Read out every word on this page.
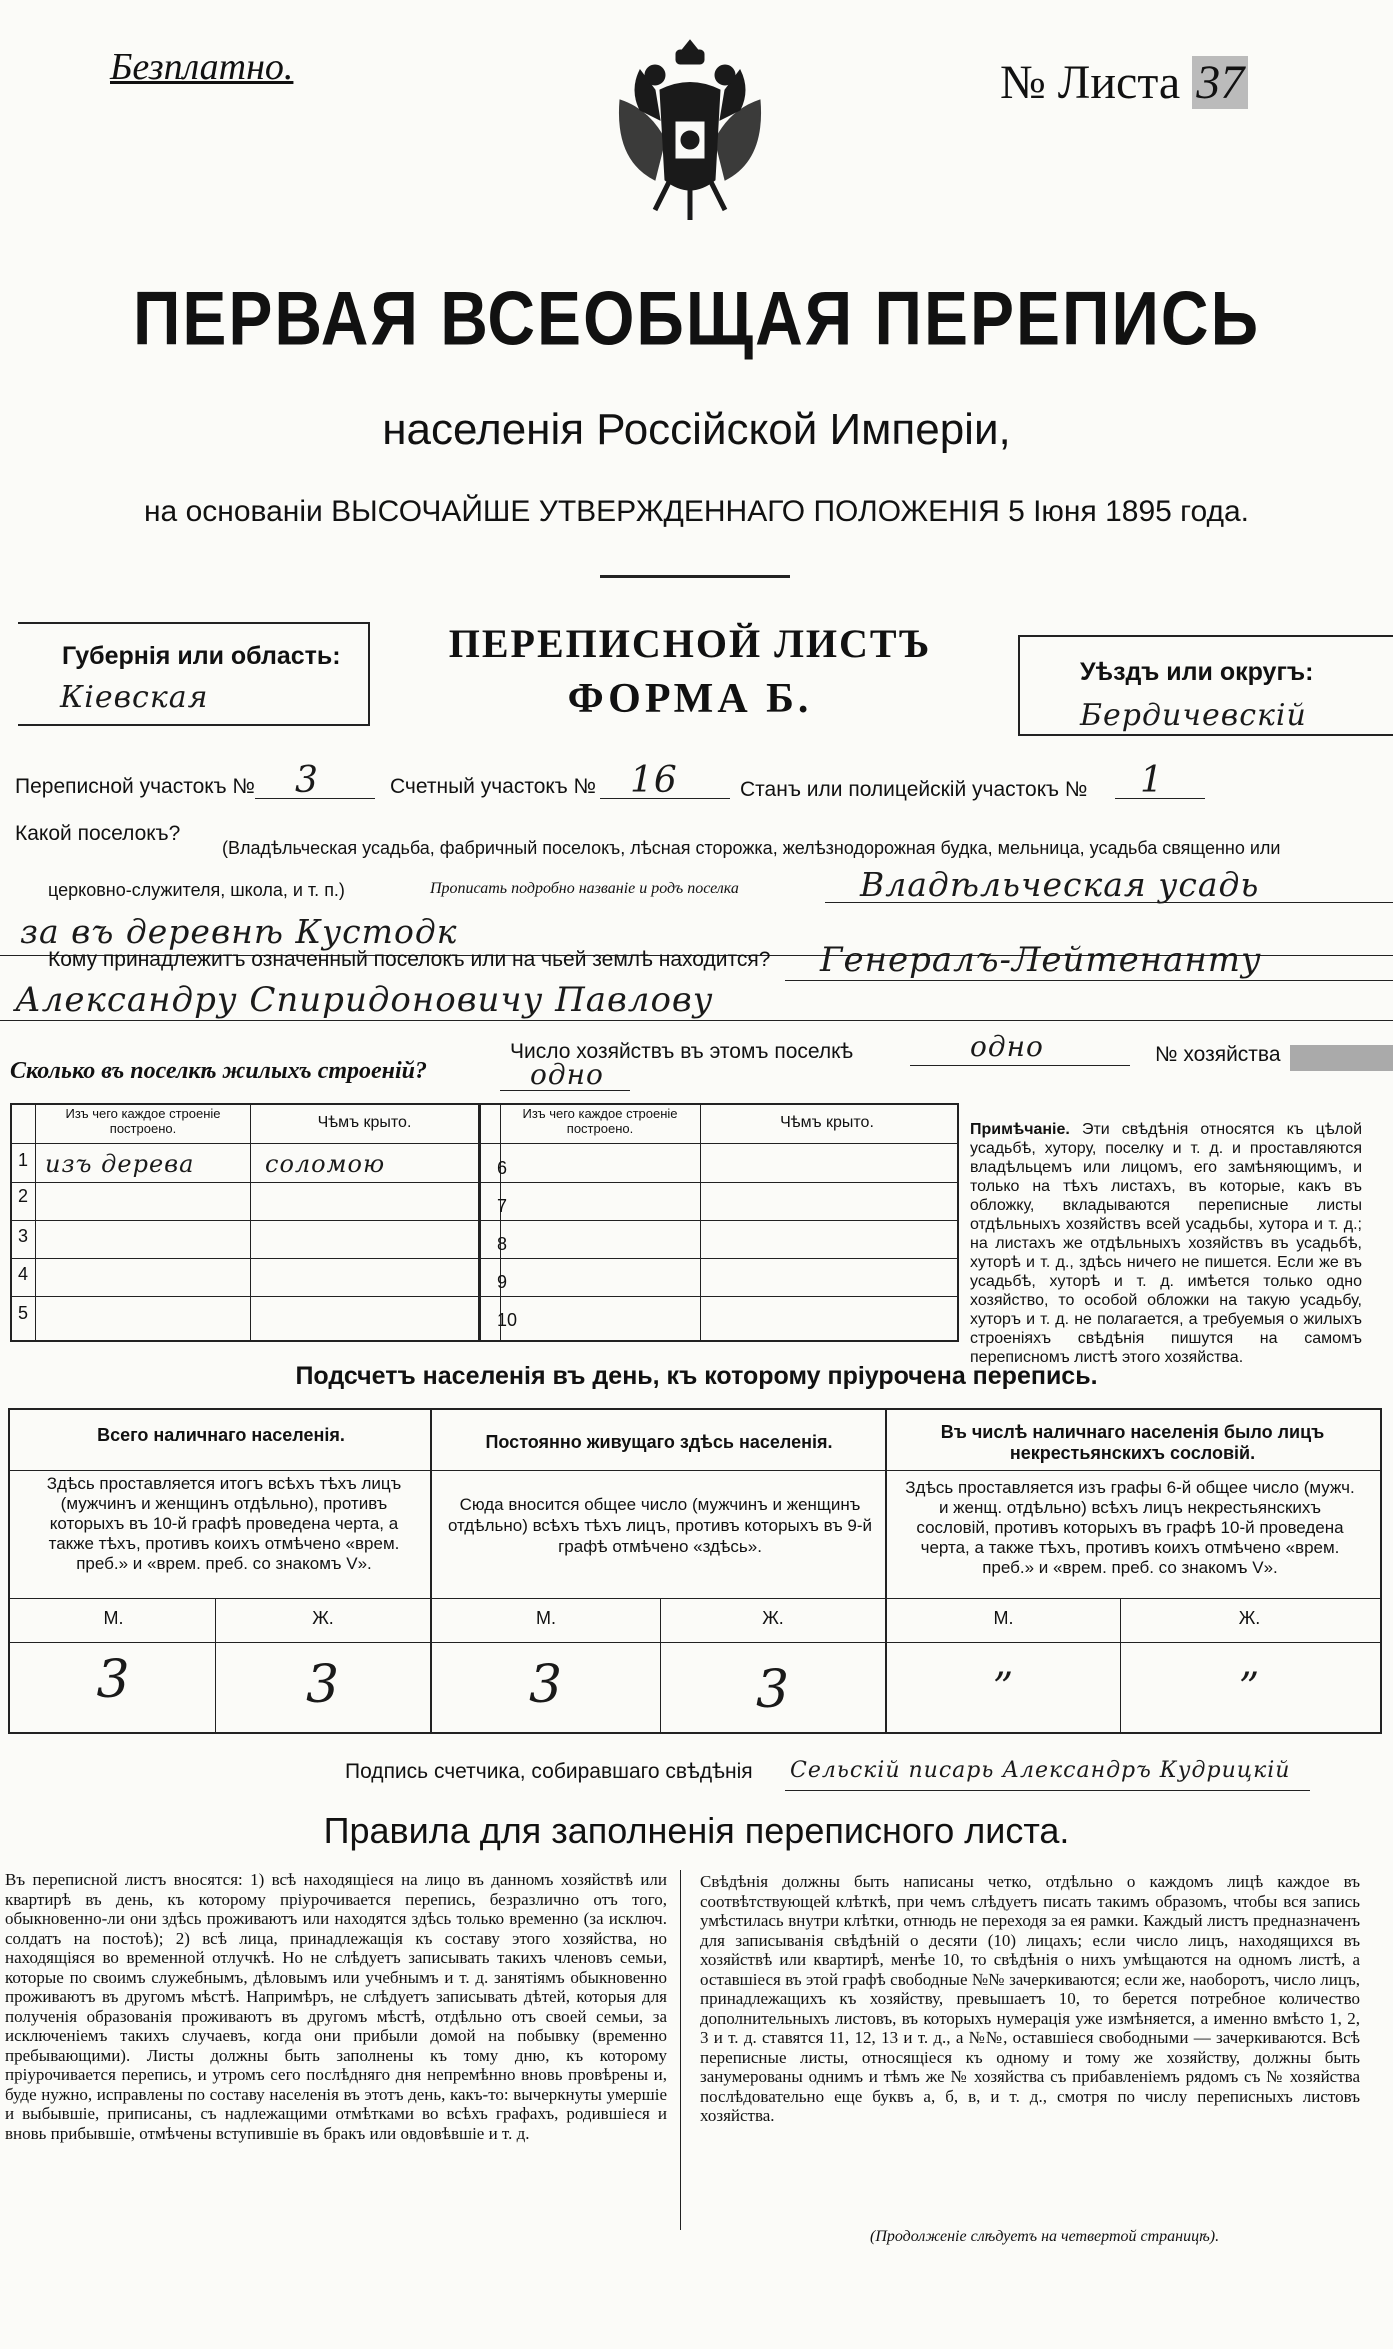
Безплатно.	№ Листа 37
ПЕРВАЯ ВСЕОБЩАЯ ПЕРЕПИСЬ
населенія Россійской Имперіи,
на основаніи ВЫСОЧАЙШЕ УТВЕРЖДЕННАГО ПОЛОЖЕНІЯ 5 Іюня 1895 года.
Губернія или область:
Кіевская
ПЕРЕПИСНОЙ ЛИСТЪ
ФОРМА Б.
Уѣздъ или округъ:
Бердичевскій
Переписной участокъ № 3	Счетный участокъ № 16	Станъ или полицейскій участокъ № 1
Какой поселокъ?
(Владѣльческая усадьба, фабричный поселокъ, лѣсная сторожка, желѣзнодорожная будка, мельница, усадьба священно или
церковно-служителя, школа, и т. п.)	Прописать подробно названіе и родъ поселка	Владѣльческая усадь
за въ деревнѣ Кустодк
Кому принадлежитъ означенный поселокъ или на чьей землѣ находится? Генералъ-Лейтенанту
Александру Спиридоновичу Павлову
Число хозяйствъ въ этомъ поселкѣ	одно	№ хозяйства
Сколько въ поселкѣ жилыхъ строеній?	одно
Изъ чего каждое строеніе построено.	Чѣмъ крыто.
Изъ чего каждое строеніе построено.	Чѣмъ крыто.
1 изъ дерева	соломою
2
3
4
5
6
7
8
9
10
Примѣчаніе. Эти свѣдѣнія относятся къ цѣлой усадьбѣ, хутору, поселку и т. д. и проставляются владѣльцемъ или лицомъ, его замѣняющимъ, и только на тѣхъ листахъ, въ которые, какъ въ обложку, вкладываются переписные листы отдѣльныхъ хозяйствъ всей усадьбы, хутора и т. д.; на листахъ же отдѣльныхъ хозяйствъ въ усадьбѣ, хуторѣ и т. д., здѣсь ничего не пишется. Если же въ усадьбѣ, хуторѣ и т. д. имѣется только одно хозяйство, то особой обложки на такую усадьбу, хуторъ и т. д. не полагается, а требуемыя о жилыхъ строеніяхъ свѣдѣнія пишутся на самомъ переписномъ листѣ этого хозяйства.
Подсчетъ населенія въ день, къ которому пріурочена перепись.
Всего наличнаго населенія.	Постоянно живущаго здѣсь населенія.	Въ числѣ наличнаго населенія было лицъ некрестьянскихъ сословій.
Здѣсь проставляется итогъ всѣхъ тѣхъ лицъ (мужчинъ и женщинъ отдѣльно), противъ которыхъ въ 10-й графѣ проведена черта, а также тѣхъ, противъ коихъ отмѣчено «врем. преб.» и «врем. преб. со знакомъ V».
Сюда вносится общее число (мужчинъ и женщинъ отдѣльно) всѣхъ тѣхъ лицъ, противъ которыхъ въ 9-й графѣ отмѣчено «здѣсь».
Здѣсь проставляется изъ графы 6-й общее число (мужч. и женщ. отдѣльно) всѣхъ лицъ некрестьянскихъ сословій, противъ которыхъ въ графѣ 10-й проведена черта, а также тѣхъ, противъ коихъ отмѣчено «врем. преб.» и «врем. преб. со знакомъ V».
М.	Ж.	М.	Ж.	М.	Ж.
3	3	3	3	”	”
Подпись счетчика, собиравшаго свѣдѣнія Сельскій писарь Александръ Кудрицкій
Правила для заполненія переписного листа.
Въ переписной листъ вносятся: 1) всѣ находящіеся на лицо въ данномъ хозяйствѣ или квартирѣ въ день, къ которому пріурочивается перепись, безразлично отъ того, обыкновенно-ли они здѣсь проживаютъ или находятся здѣсь только временно (за исключ. солдатъ на постоѣ); 2) всѣ лица, принадлежащія къ составу этого хозяйства, но находящіяся во временной отлучкѣ. Но не слѣдуетъ записывать такихъ членовъ семьи, которые по своимъ служебнымъ, дѣловымъ или учебнымъ и т. д. занятіямъ обыкновенно проживаютъ въ другомъ мѣстѣ. Напримѣръ, не слѣдуетъ записывать дѣтей, которыя для полученія образованія проживаютъ въ другомъ мѣстѣ, отдѣльно отъ своей семьи, за исключеніемъ такихъ случаевъ, когда они прибыли домой на побывку (временно пребывающими). Листы должны быть заполнены къ тому дню, къ которому пріурочивается перепись, и утромъ сего послѣдняго дня непремѣнно вновь провѣрены и, буде нужно, исправлены по составу населенія въ этотъ день, какъ-то: вычеркнуты умершіе и выбывшіе, приписаны, съ надлежащими отмѣтками во всѣхъ графахъ, родившіеся и вновь прибывшіе, отмѣчены вступившіе въ бракъ или овдовѣвшіе и т. д.
Свѣдѣнія должны быть написаны четко, отдѣльно о каждомъ лицѣ каждое въ соотвѣтствующей клѣткѣ, при чемъ слѣдуетъ писать такимъ образомъ, чтобы вся запись умѣстилась внутри клѣтки, отнюдь не переходя за ея рамки. Каждый листъ предназначенъ для записыванія свѣдѣній о десяти (10) лицахъ; если число лицъ, находящихся въ хозяйствѣ или квартирѣ, менѣе 10, то свѣдѣнія о нихъ умѣщаются на одномъ листѣ, а оставшіеся въ этой графѣ свободные №№ зачеркиваются; если же, наоборотъ, число лицъ, принадлежащихъ къ хозяйству, превышаетъ 10, то берется потребное количество дополнительныхъ листовъ, въ которыхъ нумерація уже измѣняется, а именно вмѣсто 1, 2, 3 и т. д. ставятся 11, 12, 13 и т. д., а №№, оставшіеся свободными — зачеркиваются. Всѣ переписные листы, относящіеся къ одному и тому же хозяйству, должны быть занумерованы однимъ и тѣмъ же № хозяйства съ прибавленіемъ рядомъ съ № хозяйства послѣдовательно еще буквъ а, б, в, и т. д., смотря по числу переписныхъ листовъ хозяйства.
(Продолженіе слѣдуетъ на четвертой страницѣ).
